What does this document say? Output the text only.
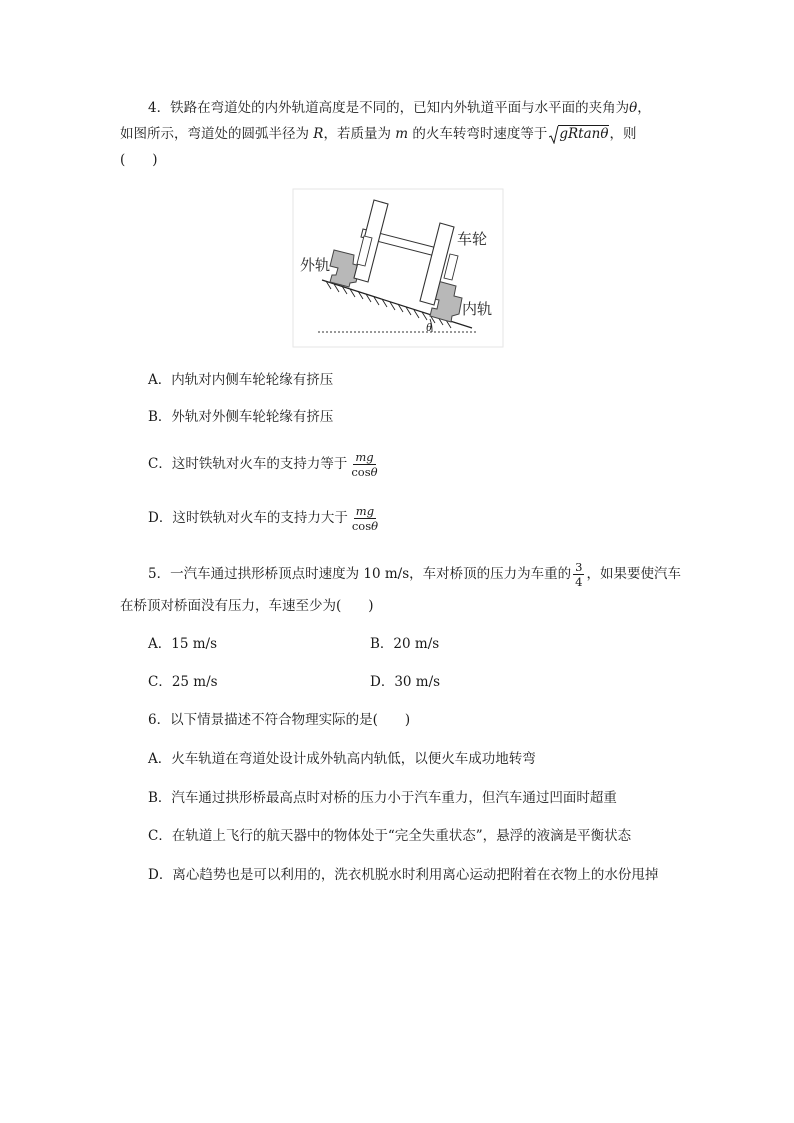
4．铁路在弯道处的内外轨道高度是不同的，已知内外轨道平面与水平面的夹角为θ，
如图所示，弯道处的圆弧半径为 R，若质量为 m 的火车转弯时速度等于 gRtanθ，则
(　　)
外轨
车轮
内轨
θ
A．内轨对内侧车轮轮缘有挤压
B．外轨对外侧车轮轮缘有挤压
C．这时铁轨对火车的支持力等于 $\frac{mg}{\cos\theta}$
D．这时铁轨对火车的支持力大于 $\frac{mg}{\cos\theta}$
5．一汽车通过拱形桥顶点时速度为 10 m/s，车对桥顶的压力为车重的 $\frac{3}{4}$ ，如果要使汽车
在桥顶对桥面没有压力，车速至少为(　　)
A．15 m/s	B．20 m/s
C．25 m/s	D．30 m/s
6．以下情景描述不符合物理实际的是(　　)
A．火车轨道在弯道处设计成外轨高内轨低，以便火车成功地转弯
B．汽车通过拱形桥最高点时对桥的压力小于汽车重力，但汽车通过凹面时超重
C．在轨道上飞行的航天器中的物体处于“完全失重状态”，悬浮的液滴是平衡状态
D．离心趋势也是可以利用的，洗衣机脱水时利用离心运动把附着在衣物上的水份甩掉
